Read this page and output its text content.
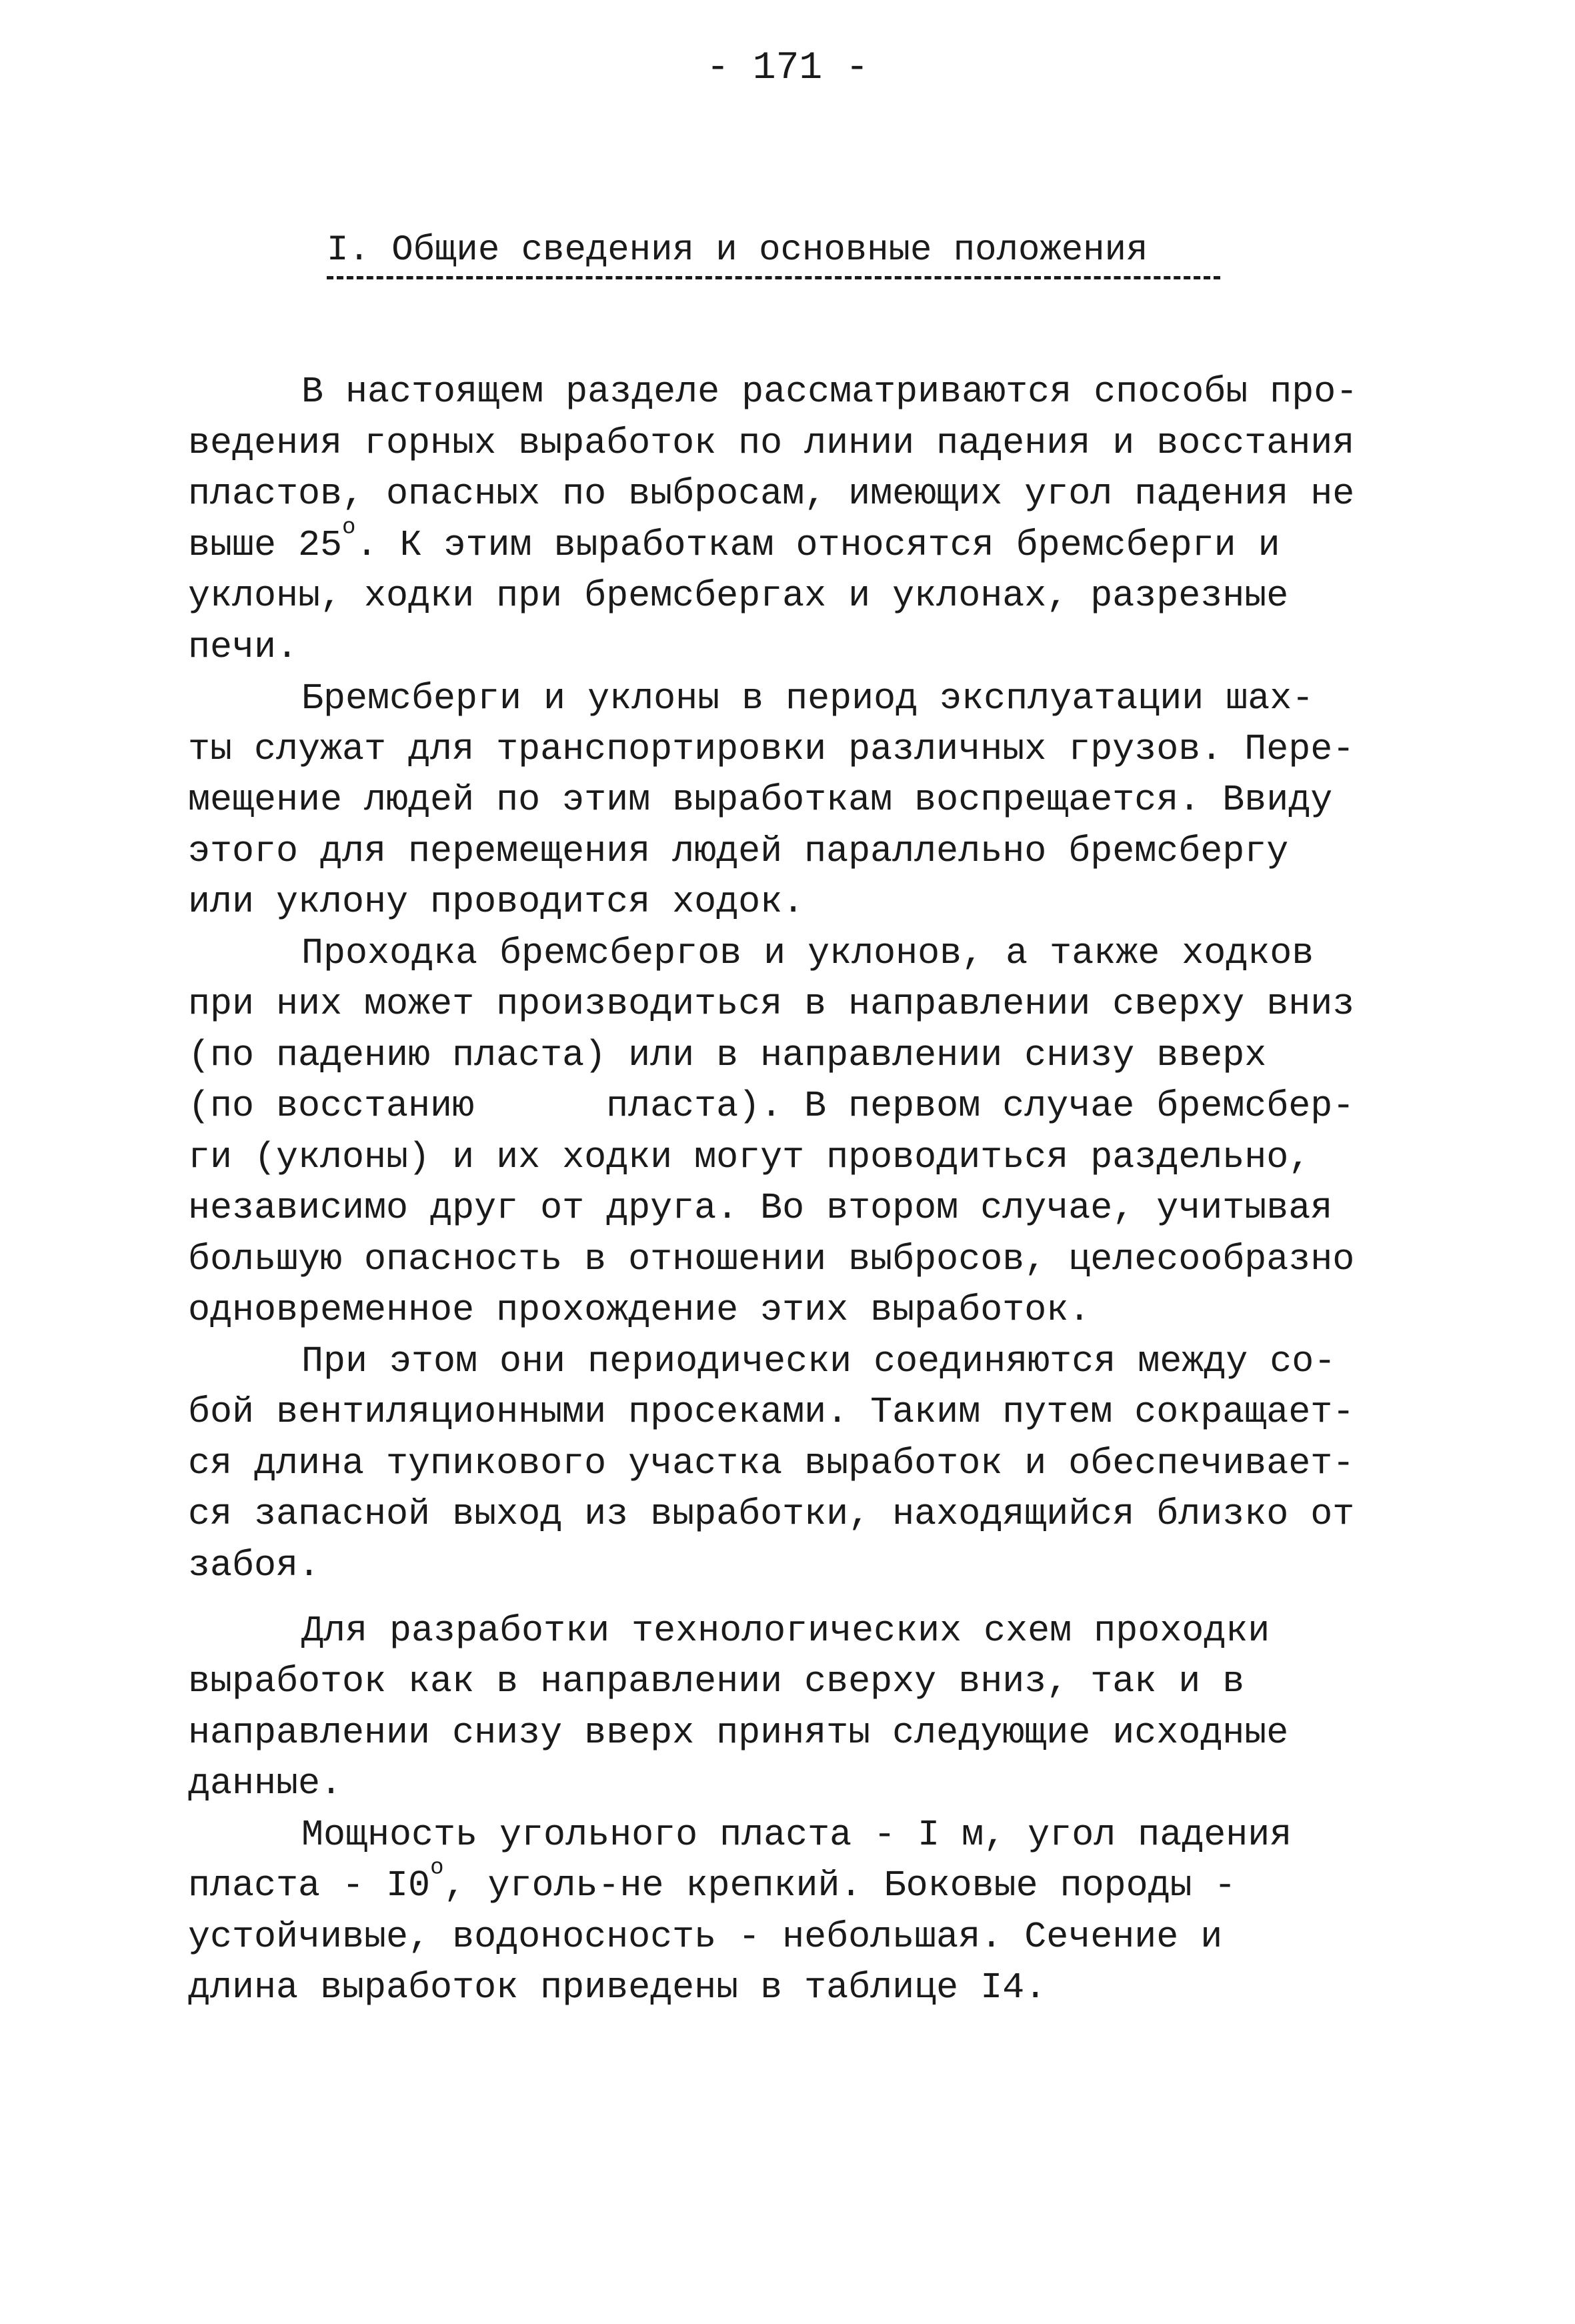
- 171 -
I. Общие сведения и основные положения
В настоящем разделе рассматриваются способы про-
ведения горных выработок по линии падения и восстания
пластов, опасных по выбросам, имеющих угол падения не
выше $25^о$. К этим выработкам относятся бремсберги и
уклоны, ходки при бремсбергах и уклонах, разрезные
печи.
Бремсберги и уклоны в период эксплуатации шах-
ты служат для транспортировки различных грузов. Пере-
мещение людей по этим выработкам воспрещается. Ввиду
этого для перемещения людей параллельно бремсбергу
или уклону проводится ходок.
Проходка бремсбергов и уклонов, а также ходков
при них может производиться в направлении сверху вниз
(по падению пласта) или в направлении снизу вверх
(по восстанию      пласта). В первом случае бремсбер-
ги (уклоны) и их ходки могут проводиться раздельно,
независимо друг от друга. Во втором случае, учитывая
большую опасность в отношении выбросов, целесообразно
одновременное прохождение этих выработок.
При этом они периодически соединяются между со-
бой вентиляционными просеками. Таким путем сокращает-
ся длина тупикового участка выработок и обеспечивает-
ся запасной выход из выработки, находящийся близко от
забоя.
Для разработки технологических схем проходки
выработок как в направлении сверху вниз, так и в
направлении снизу вверх приняты следующие исходные
данные.
Мощность угольного пласта - I м, угол падения
пласта - $I0^о$, уголь-не крепкий. Боковые породы -
устойчивые, водоносность - небольшая. Сечение и
длина выработок приведены в таблице I4.
